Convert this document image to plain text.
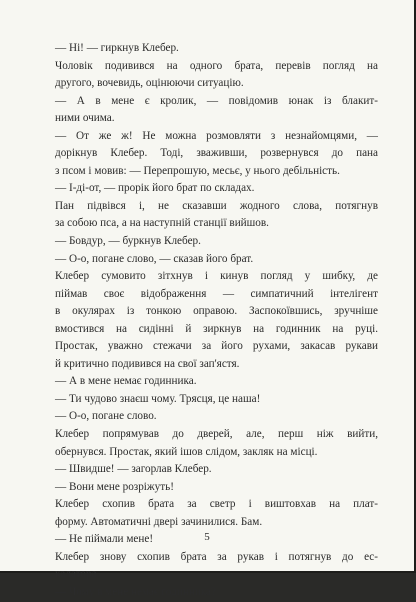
— Ні! — гиркнув Клебер.

Чоловік подивився на одного брата, перевів погляд на
другого, вочевидь, оцінюючи ситуацію.

— А в мене є кролик, — повідомив юнак із блакит-
ними очима.

— От же ж! Не можна розмовляти з незнайомцями, —
дорікнув Клебер. Тоді, зваживши, розвернувся до пана
з псом і мовив: — Перепрошую, месьє, у нього дебільність.

— І-ді-от, — прорік його брат по складах.

Пан підвівся і, не сказавши жодного слова, потягнув
за собою пса, а на наступній станції вийшов.

— Бовдур, — буркнув Клебер.

— О-о, погане слово, — сказав його брат.

Клебер сумовито зітхнув і кинув погляд у шибку, де
піймав своє відображення — симпатичний інтелігент
в окулярах із тонкою оправою. Заспокоївшись, зручніше
вмостився на сидінні й зиркнув на годинник на руці.
Простак, уважно стежачи за його рухами, закасав рукави
й критично подивився на свої зап'ястя.

— А в мене немає годинника.

— Ти чудово знаєш чому. Трясця, це наша!

— О-о, погане слово.

Клебер попрямував до дверей, але, перш ніж вийти,
обернувся. Простак, який ішов слідом, закляк на місці.

— Швидше! — загорлав Клебер.

— Вони мене розріжуть!

Клебер схопив брата за светр і виштовхав на плат-
форму. Автоматичні двері зачинилися. Бам.

— Не піймали мене!

Клебер знову схопив брата за рукав і потягнув до ес-
калатора.

— Чому в мене немає годинника?

5
